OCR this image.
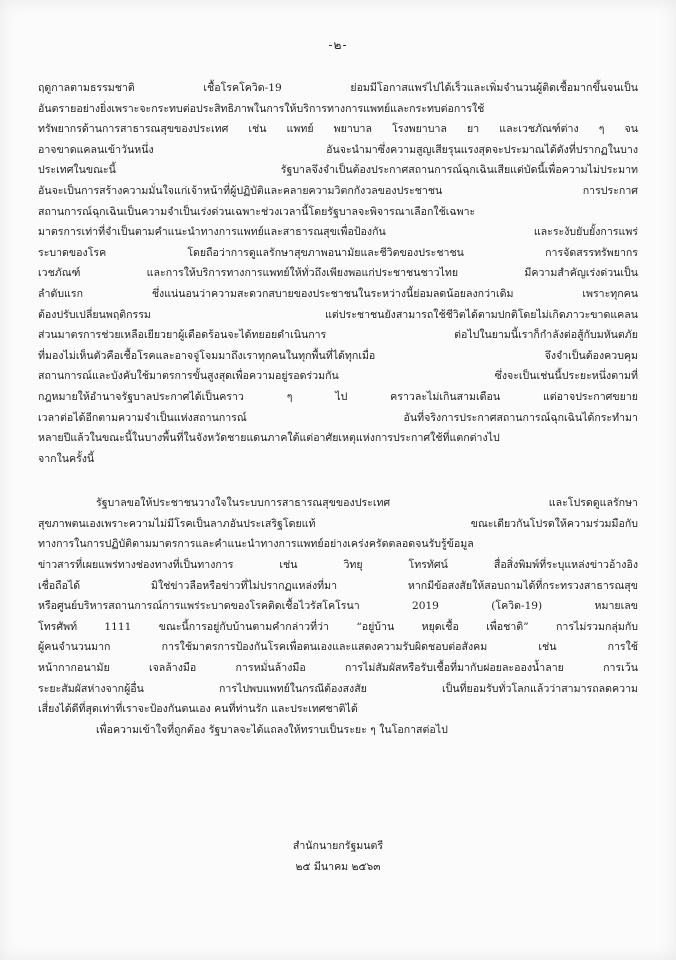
-๒-
ฤดูกาลตามธรรมชาติ เชื้อโรคโควิด-19 ย่อมมีโอกาสแพร่ไปได้เร็วและเพิ่มจำนวนผู้ติดเชื้อมากขึ้นจนเป็น
อันตรายอย่างยิ่งเพราะจะกระทบต่อประสิทธิภาพในการให้บริการทางการแพทย์และกระทบต่อการใช้
ทรัพยากรด้านการสาธารณสุขของประเทศ เช่น แพทย์ พยาบาล โรงพยาบาล ยา และเวชภัณฑ์ต่าง ๆ จน
อาจขาดแคลนเข้าวันหนึ่ง อันจะนำมาซึ่งความสูญเสียรุนแรงสุดจะประมาณได้ดังที่ปรากฏในบาง
ประเทศในขณะนี้ รัฐบาลจึงจำเป็นต้องประกาศสถานการณ์ฉุกเฉินเสียแต่บัดนี้เพื่อความไม่ประมาท
อันจะเป็นการสร้างความมั่นใจแก่เจ้าหน้าที่ผู้ปฏิบัติและคลายความวิตกกังวลของประชาชน การประกาศ
สถานการณ์ฉุกเฉินเป็นความจำเป็นเร่งด่วนเฉพาะช่วงเวลานี้โดยรัฐบาลจะพิจารณาเลือกใช้เฉพาะ
มาตรการเท่าที่จำเป็นตามคำแนะนำทางการแพทย์และสาธารณสุขเพื่อป้องกัน และระงับยับยั้งการแพร่
ระบาดของโรค โดยถือว่าการดูแลรักษาสุขภาพอนามัยและชีวิตของประชาชน การจัดสรรทรัพยากร
เวชภัณฑ์ และการให้บริการทางการแพทย์ให้ทั่วถึงเพียงพอแก่ประชาชนชาวไทย มีความสำคัญเร่งด่วนเป็น
ลำดับแรก ชึ่งแน่นอนว่าความสะดวกสบายของประชาชนในระหว่างนี้ย่อมลดน้อยลงกว่าเดิม เพราะทุกคน
ต้องปรับเปลี่ยนพฤติกรรม แต่ประชาชนยังสามารถใช้ชีวิตได้ตามปกติโดยไม่เกิดภาวะขาดแคลน
ส่วนมาตรการช่วยเหลือเยียวยาผู้เดือดร้อนจะได้ทยอยดำเนินการ ต่อไปในยามนี้เราก็กำลังต่อสู้กับมหันตภัย
ที่มองไม่เห็นตัวคือเชื้อโรคและอาจจู่โจมมาถึงเราทุกคนในทุกพื้นที่ได้ทุกเมื่อ จึงจำเป็นต้องควบคุม
สถานการณ์และบังคับใช้มาตรการขั้นสูงสุดเพื่อความอยู่รอดร่วมกัน ซึ่งจะเป็นเช่นนี้ประยะหนึ่งตามที่
กฎหมายให้อำนาจรัฐบาลประกาศได้เป็นคราว ๆ ไป คราวละไม่เกินสามเดือน แต่อาจประกาศขยาย
เวลาต่อได้อีกตามความจำเป็นแห่งสถานการณ์ อันที่จริงการประกาศสถานการณ์ฉุกเฉินได้กระทำมา
หลายปีแล้วในขณะนี้ในบางพื้นที่ในจังหวัดชายแดนภาคใต้แต่อาศัยเหตุแห่งการประกาศใช้ที่แตกต่างไป
จากในครั้งนี้
รัฐบาลขอให้ประชาชนวางใจในระบบการสาธารณสุขของประเทศ และโปรดดูแลรักษา
สุขภาพตนเองเพราะความไม่มีโรคเป็นลาภอันประเสริฐโดยแท้ ขณะเดียวกันโปรดให้ความร่วมมือกับ
ทางการในการปฏิบัติตามมาตรการและคำแนะนำทางการแพทย์อย่างเคร่งครัดตลอดจนรับรู้ข้อมูล
ข่าวสารที่เผยแพร่ทางช่องทางที่เป็นทางการ เช่น วิทยุ โทรทัศน์ สื่อสิ่งพิมพ์ที่ระบุแหล่งข่าวอ้างอิง
เชื่อถือได้ มิใช่ข่าวลือหรือข่าวที่ไม่ปรากฏแหล่งที่มา หากมีข้อสงสัยให้สอบถามได้ที่กระทรวงสาธารณสุข
หรือศูนย์บริหารสถานการณ์การแพร่ระบาดของโรคติดเชื้อไวรัสโคโรนา 2019 (โควิด-19) หมายเลข
โทรศัพท์ 1111 ขณะนี้การอยู่กับบ้านตามคำกล่าวที่ว่า “อยู่บ้าน หยุดเชื้อ เพื่อชาติ” การไม่รวมกลุ่มกับ
ผู้คนจำนวนมาก การใช้มาตรการป้องกันโรคเพื่อตนเองและแสดงความรับผิดชอบต่อสังคม เช่น การใช้
หน้ากากอนามัย เจลล้างมือ การหมั่นล้างมือ การไม่สัมผัสหรือรับเชื้อที่มากับฝอยละอองน้ำลาย การเว้น
ระยะสัมผัสห่างจากผู้อื่น การไปพบแพทย์ในกรณีต้องสงสัย เป็นที่ยอมรับทั่วโลกแล้วว่าสามารถลดความ
เสี่ยงได้ดีที่สุดเท่าที่เราจะป้องกันตนเอง คนที่ท่านรัก และประเทศชาติได้
เพื่อความเข้าใจที่ถูกต้อง รัฐบาลจะได้แถลงให้ทราบเป็นระยะ ๆ ในโอกาสต่อไป
สำนักนายกรัฐมนตรี
๒๕ มีนาคม ๒๕๖๓
